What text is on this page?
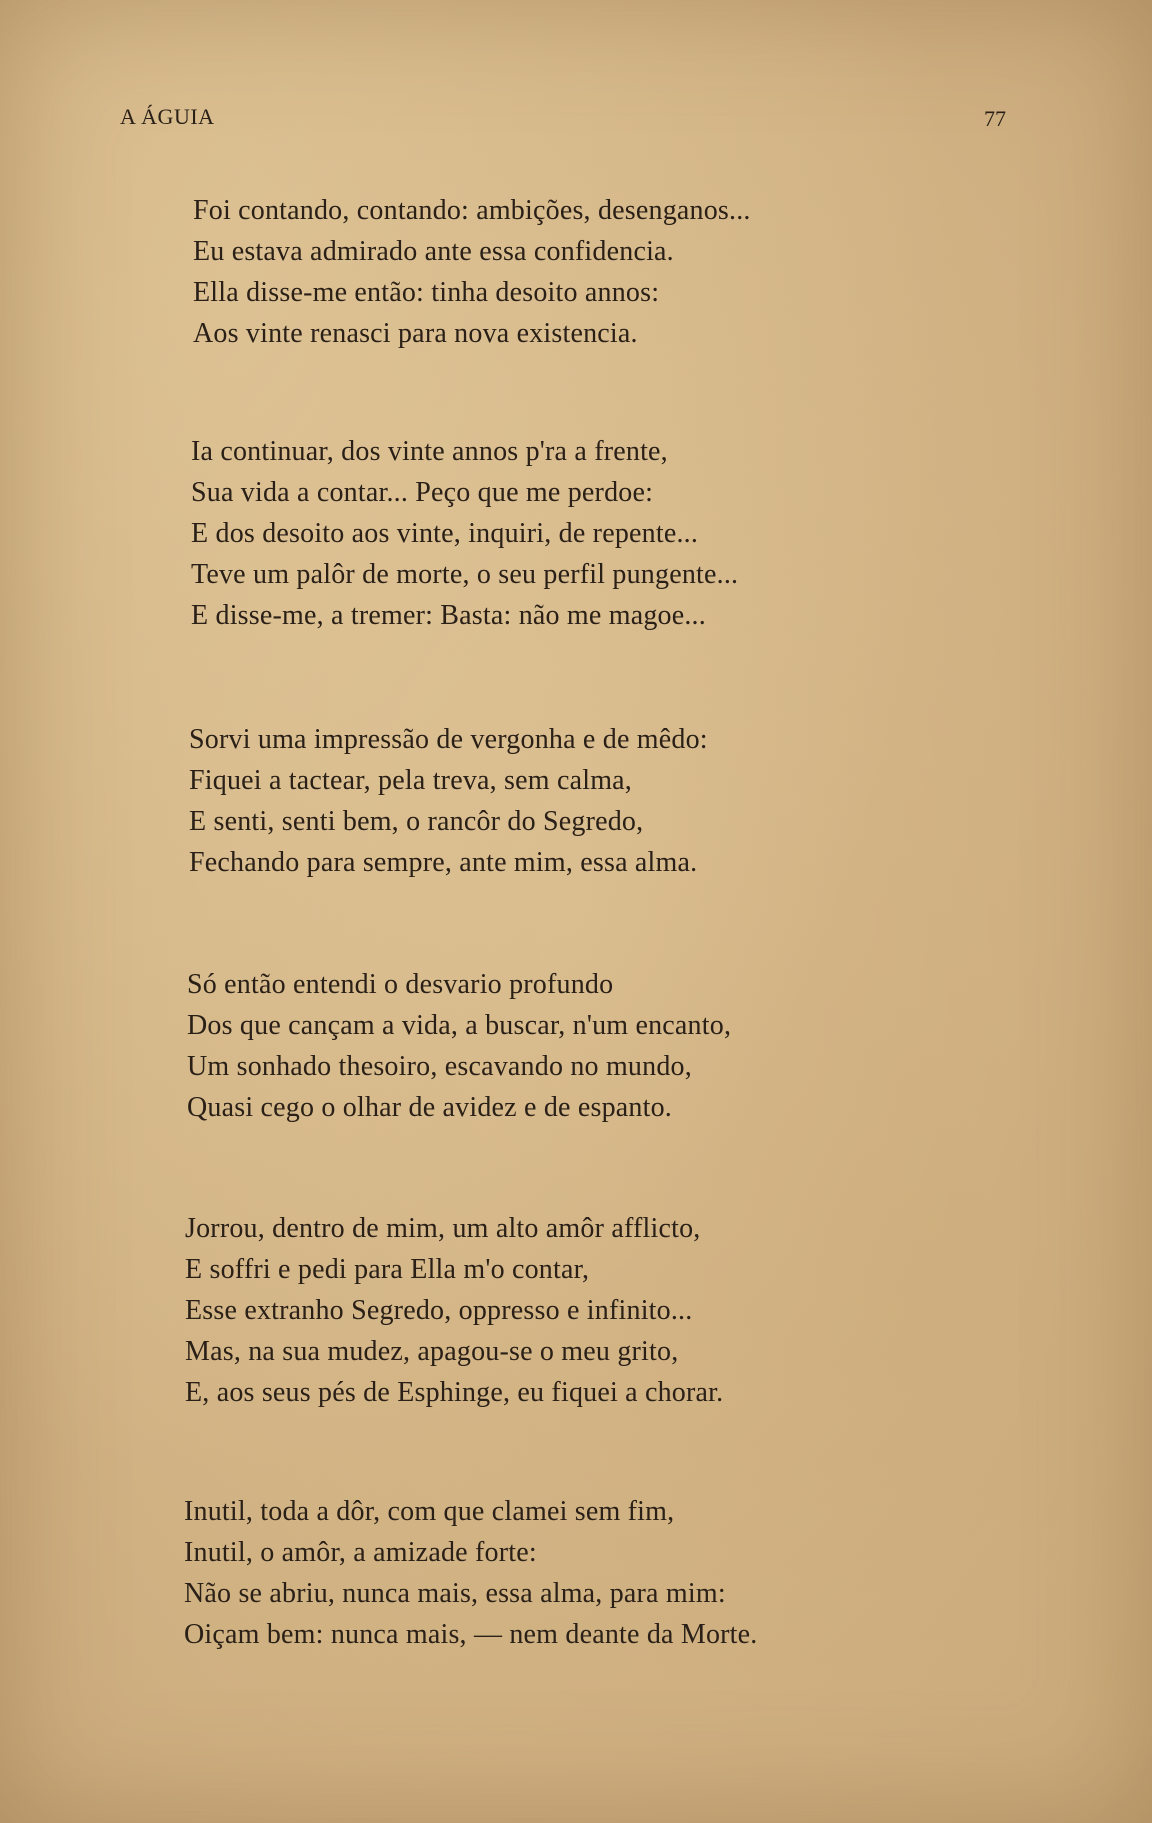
A ÁGUIA	77
Foi contando, contando: ambições, desenganos...
Eu estava admirado ante essa confidencia.
Ella disse-me então: tinha desoito annos:
Aos vinte renasci para nova existencia.
Ia continuar, dos vinte annos p'ra a frente,
Sua vida a contar... Peço que me perdoe:
E dos desoito aos vinte, inquiri, de repente...
Teve um palôr de morte, o seu perfil pungente...
E disse-me, a tremer: Basta: não me magoe...
Sorvi uma impressão de vergonha e de mêdo:
Fiquei a tactear, pela treva, sem calma,
E senti, senti bem, o rancôr do Segredo,
Fechando para sempre, ante mim, essa alma.
Só então entendi o desvario profundo
Dos que cançam a vida, a buscar, n'um encanto,
Um sonhado thesoiro, escavando no mundo,
Quasi cego o olhar de avidez e de espanto.
Jorrou, dentro de mim, um alto amôr afflicto,
E soffri e pedi para Ella m'o contar,
Esse extranho Segredo, oppresso e infinito...
Mas, na sua mudez, apagou-se o meu grito,
E, aos seus pés de Esphinge, eu fiquei a chorar.
Inutil, toda a dôr, com que clamei sem fim,
Inutil, o amôr, a amizade forte:
Não se abriu, nunca mais, essa alma, para mim:
Oiçam bem: nunca mais, — nem deante da Morte.
